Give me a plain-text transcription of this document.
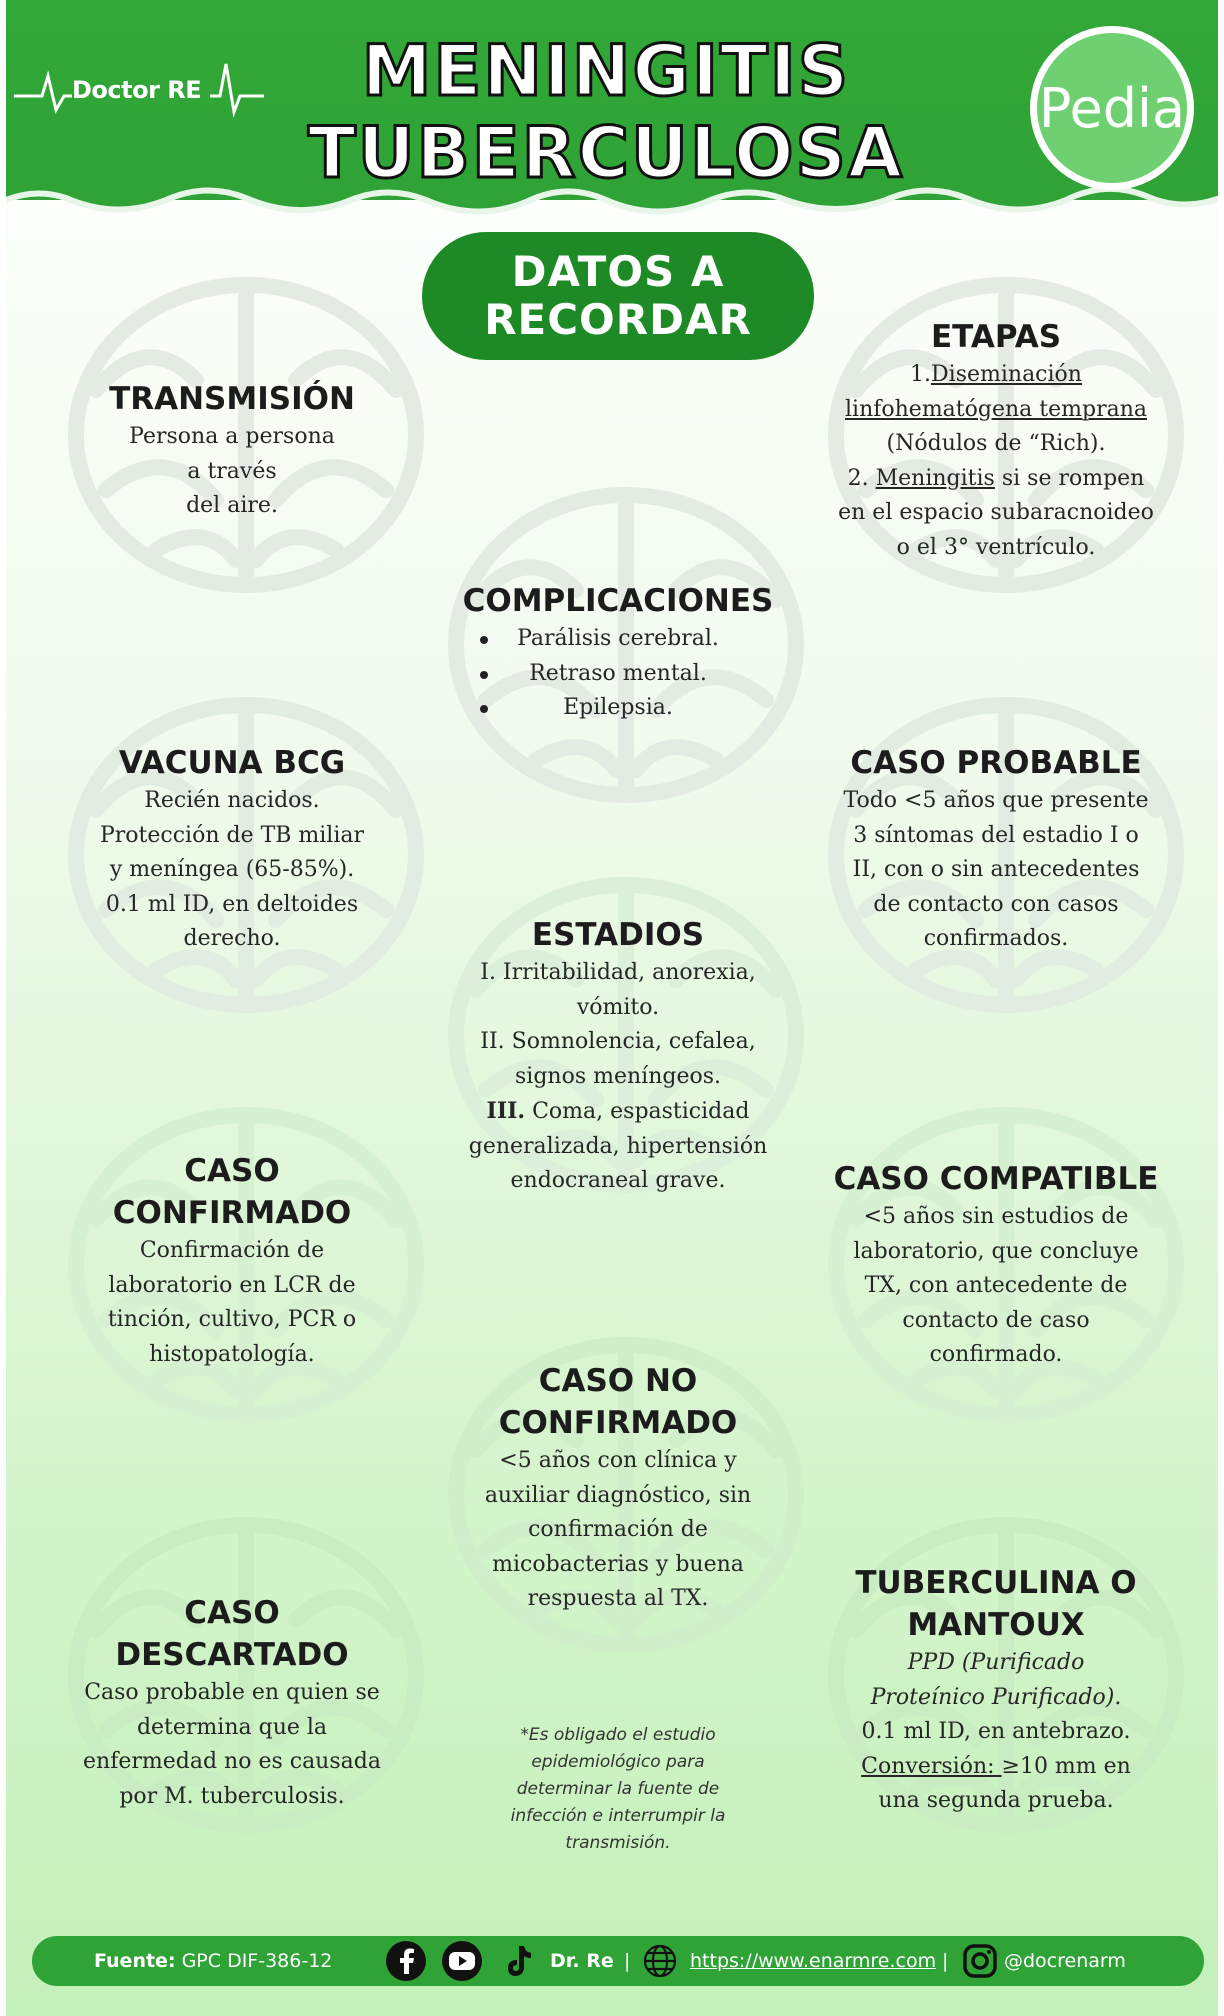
Doctor RE	MENINGITIS
TUBERCULOSA
Pedia
DATOS A
RECORDAR
TRANSMISIÓN

Persona a persona

a través

del aire.

ETAPAS

1.Diseminación

linfohematógena temprana

(Nódulos de “Rich).

2. Meningitis si se rompen

en el espacio subaracnoideo

o el 3° ventrículo.

COMPLICACIONES
Parálisis cerebral.
Retraso mental.
Epilepsia.
VACUNA BCG

Recién nacidos.

Protección de TB miliar

y meníngea (65-85%).

0.1 ml ID, en deltoides

derecho.

CASO PROBABLE

Todo <5 años que presente

3 síntomas del estadio I o

II, con o sin antecedentes

de contacto con casos

confirmados.

ESTADIOS

I. Irritabilidad, anorexia,

vómito.

II. Somnolencia, cefalea,

signos meníngeos.

III. Coma, espasticidad

generalizada, hipertensión

endocraneal grave.

CASO
CONFIRMADO

Confirmación de

laboratorio en LCR de

tinción, cultivo, PCR o

histopatología.

CASO COMPATIBLE

<5 años sin estudios de

laboratorio, que concluye

TX, con antecedente de

contacto de caso

confirmado.

CASO NO
CONFIRMADO

<5 años con clínica y

auxiliar diagnóstico, sin

confirmación de

micobacterias y buena

respuesta al TX.

CASO DESCARTADO

Caso probable en quien se

determina que la

enfermedad no es causada

por M. tuberculosis.

TUBERCULINA O
MANTOUX

PPD (Purificado

Proteínico Purificado).

0.1 ml ID, en antebrazo.

Conversión: ≥10 mm en

una segunda prueba.

*Es obligado el estudio
epidemiológico para
determinar la fuente de
infección e interrumpir la
transmisión.
Fuente: GPC DIF-386-12	Dr. Re |	https://www.enarmre.com |	@docrenarm
